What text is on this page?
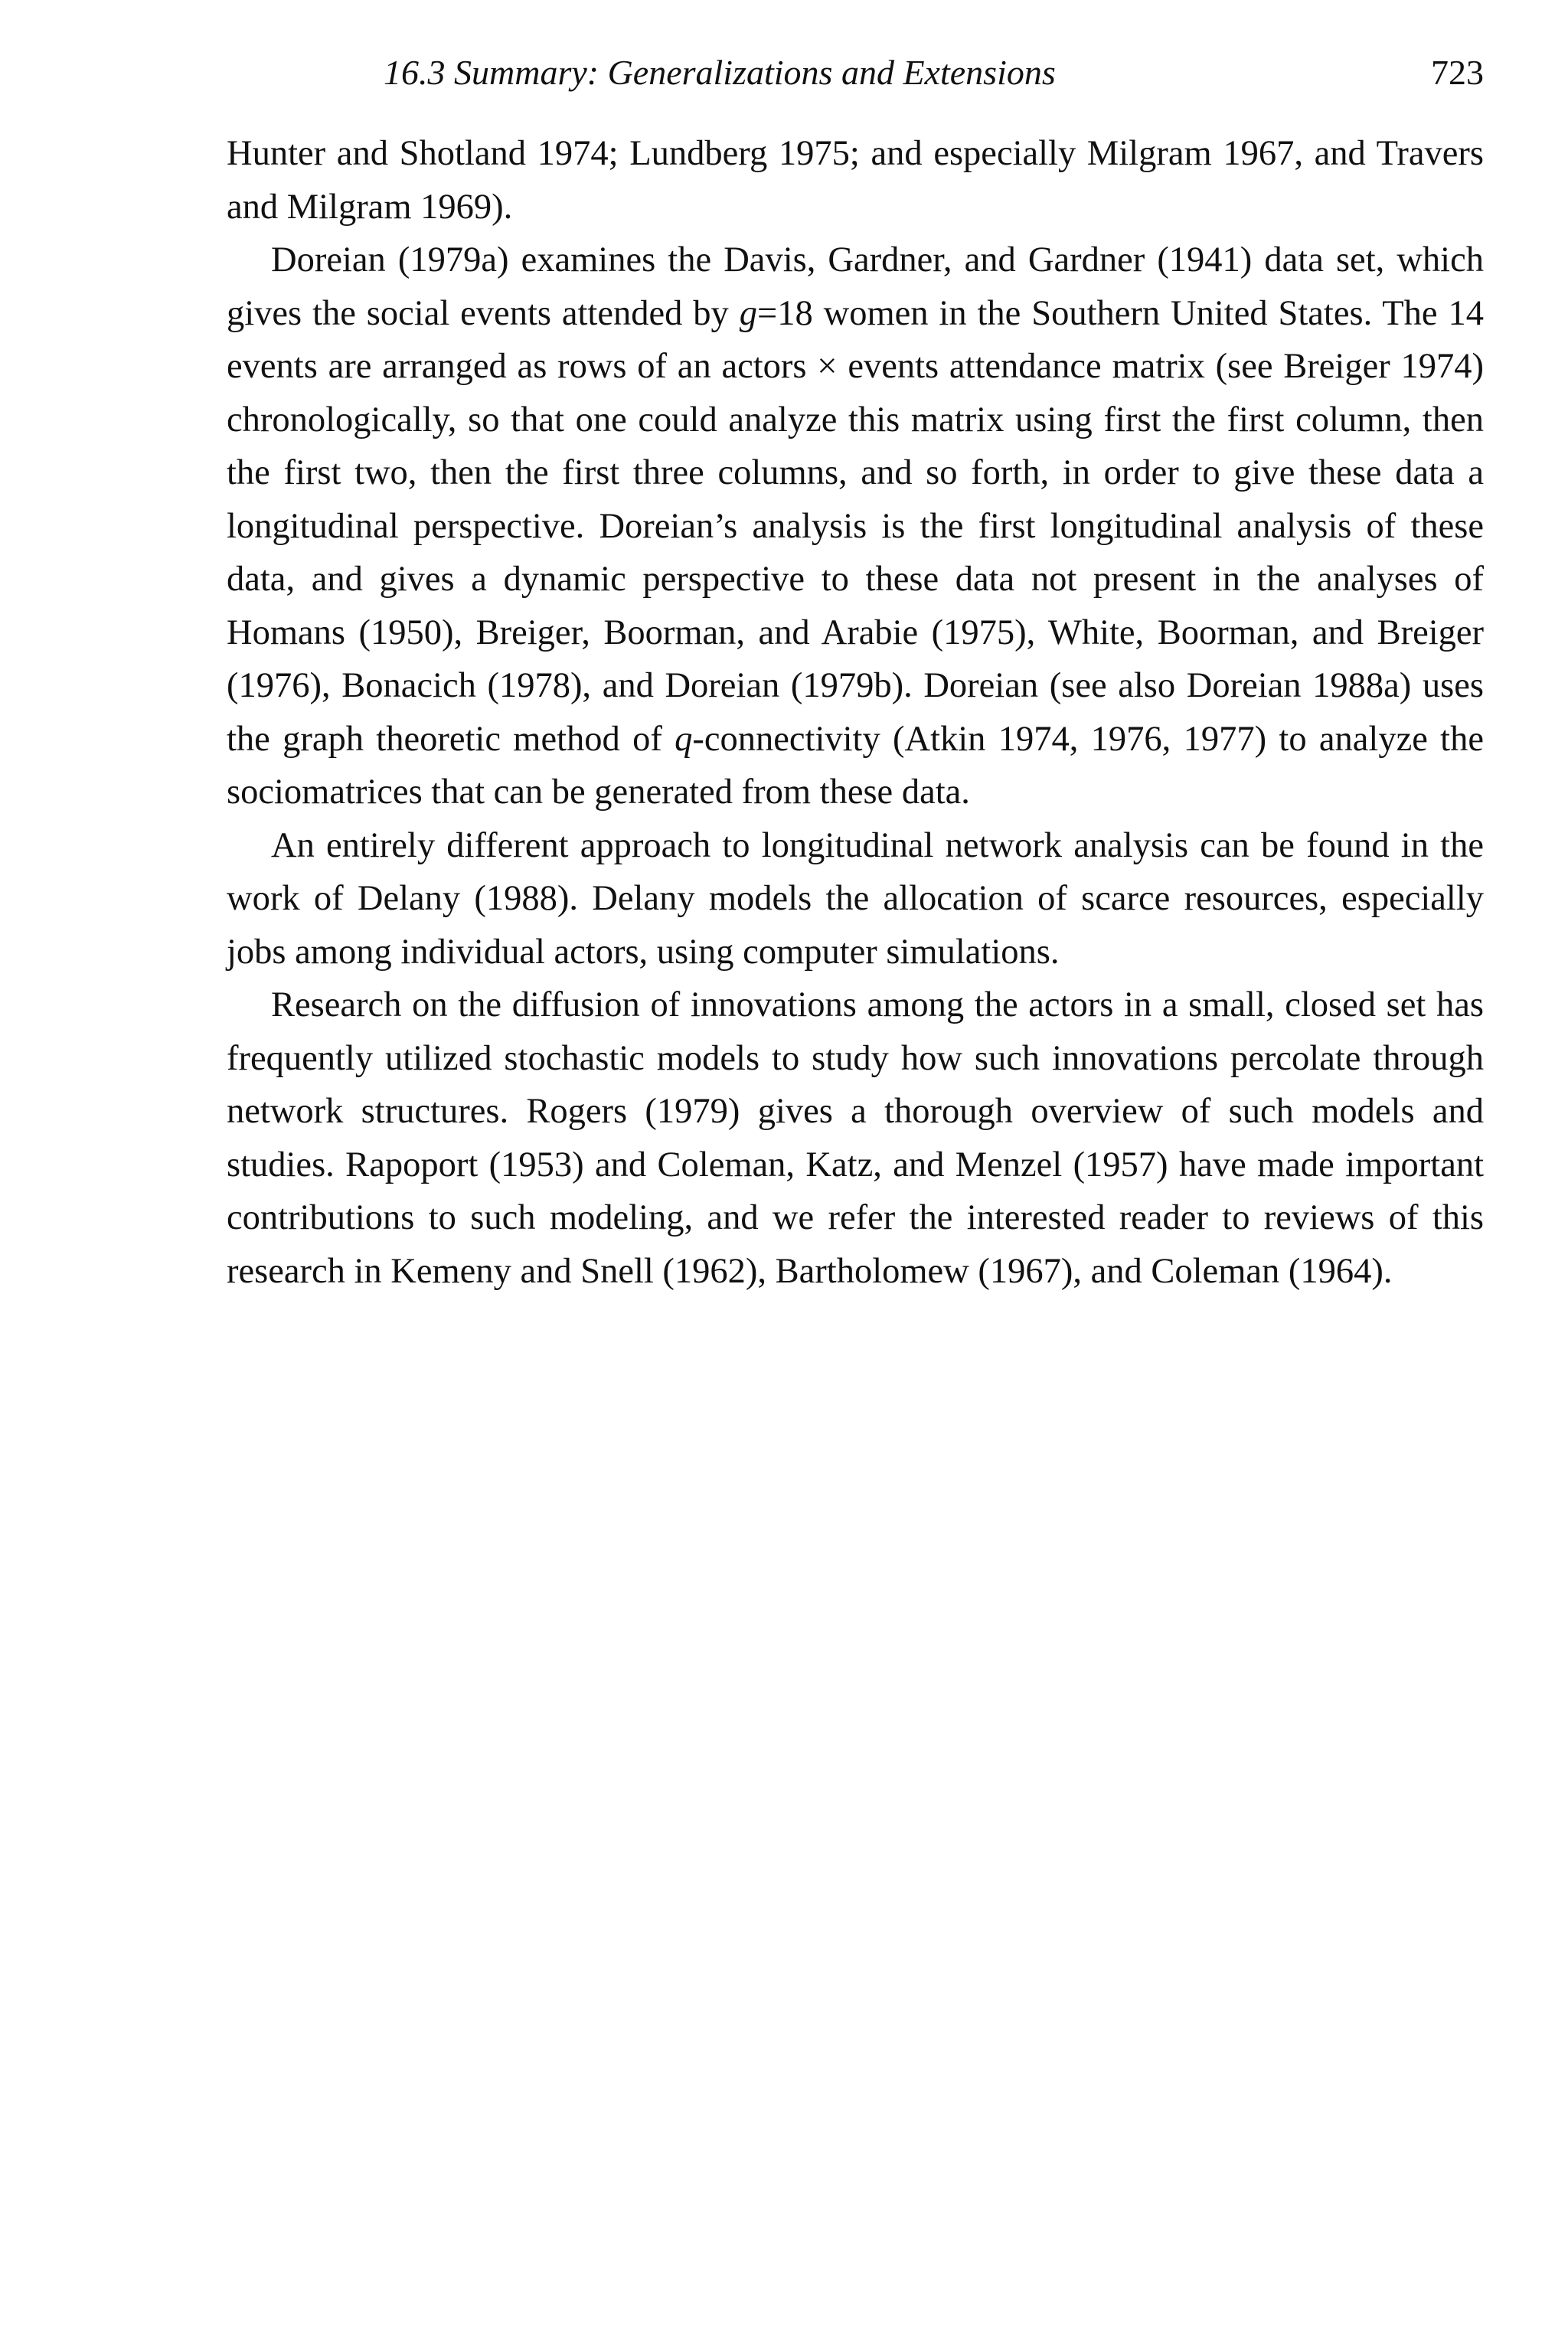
16.3 Summary: Generalizations and Extensions	723

Hunter and Shotland 1974; Lundberg 1975; and especially Milgram 1967, and Travers and Milgram 1969).

Doreian (1979a) examines the Davis, Gardner, and Gardner (1941) data set, which gives the social events attended by g=18 women in the Southern United States. The 14 events are arranged as rows of an actors × events attendance matrix (see Breiger 1974) chronologically, so that one could analyze this matrix using first the first column, then the first two, then the first three columns, and so forth, in order to give these data a longitudinal perspective. Doreian’s analysis is the first longitudinal analysis of these data, and gives a dynamic perspective to these data not present in the analyses of Homans (1950), Breiger, Boorman, and Arabie (1975), White, Boorman, and Breiger (1976), Bonacich (1978), and Doreian (1979b). Doreian (see also Doreian 1988a) uses the graph theoretic method of q-connectivity (Atkin 1974, 1976, 1977) to analyze the sociomatrices that can be generated from these data.

An entirely different approach to longitudinal network analysis can be found in the work of Delany (1988). Delany models the allocation of scarce resources, especially jobs among individual actors, using computer simulations.

Research on the diffusion of innovations among the actors in a small, closed set has frequently utilized stochastic models to study how such innovations percolate through network structures. Rogers (1979) gives a thorough overview of such models and studies. Rapoport (1953) and Coleman, Katz, and Menzel (1957) have made important contributions to such modeling, and we refer the interested reader to reviews of this research in Kemeny and Snell (1962), Bartholomew (1967), and Coleman (1964).
